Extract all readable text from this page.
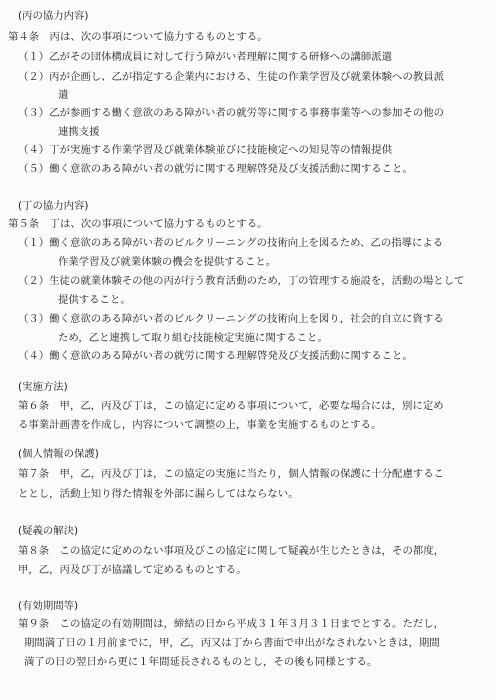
(丙の協力内容)
第４条　丙は、次の事項について協力するものとする。
（１）乙がその団体構成員に対して行う障がい者理解に関する研修への講師派遣
（２）丙が企画し、乙が指定する企業内における、生徒の作業学習及び就業体験への教員派
遣
（３）乙が参画する働く意欲のある障がい者の就労等に関する事務事業等への参加その他の
連携支援
（４）丁が実施する作業学習及び就業体験並びに技能検定への知見等の情報提供
（５）働く意欲のある障がい者の就労に関する理解啓発及び支援活動に関すること。
(丁の協力内容)
第５条　丁は、次の事項について協力するものとする。
（１）働く意欲のある障がい者のビルクリーニングの技術向上を図るため、乙の指導による
作業学習及び就業体験の機会を提供すること。
（２）生徒の就業体験その他の丙が行う教育活動のため，丁の管理する施設を，活動の場として
提供すること。
（３）働く意欲のある障がい者のビルクリーニングの技術向上を図り，社会的自立に資する
ため，乙と連携して取り組む技能検定実施に関すること。
（４）働く意欲のある障がい者の就労に関する理解啓発及び支援活動に関すること。
(実施方法)
第６条　甲，乙，丙及び丁は，この協定に定める事項について，必要な場合には，別に定め
る事業計画書を作成し，内容について調整の上，事業を実施するものとする。
(個人情報の保護)
第７条　甲，乙，丙及び丁は，この協定の実施に当たり，個人情報の保護に十分配慮するこ
ととし，活動上知り得た情報を外部に漏らしてはならない。
(疑義の解決)
第８条　この協定に定めのない事項及びこの協定に関して疑義が生じたときは，その都度，
甲，乙，丙及び丁が協議して定めるものとする。
(有効期間等)
第９条　この協定の有効期間は，締結の日から平成３１年３月３１日までとする。ただし，
期間満了日の１月前までに，甲，乙，丙又は丁から書面で申出がなされないときは，期間
満了の日の翌日から更に１年間延長されるものとし，その後も同様とする。
